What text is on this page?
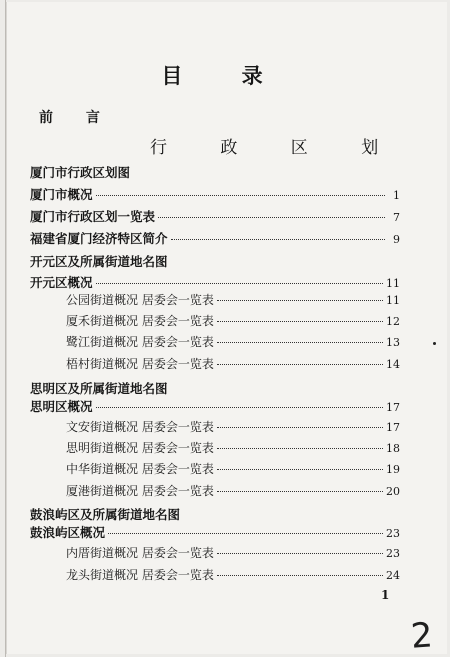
目 录
前 言
行 政 区 划
厦门市行政区划图
厦门市概况	1
厦门市行政区划一览表	7
福建省厦门经济特区简介	9
开元区及所属街道地名图
开元区概况	11
公园街道概况 居委会一览表	11
厦禾街道概况 居委会一览表	12
鹭江街道概况 居委会一览表	13
梧村街道概况 居委会一览表	14
思明区及所属街道地名图
思明区概况	17
文安街道概况 居委会一览表	17
思明街道概况 居委会一览表	18
中华街道概况 居委会一览表	19
厦港街道概况 居委会一览表	20
鼓浪屿区及所属街道地名图
鼓浪屿区概况	23
内厝街道概况 居委会一览表	23
龙头街道概况 居委会一览表	24
1
2
